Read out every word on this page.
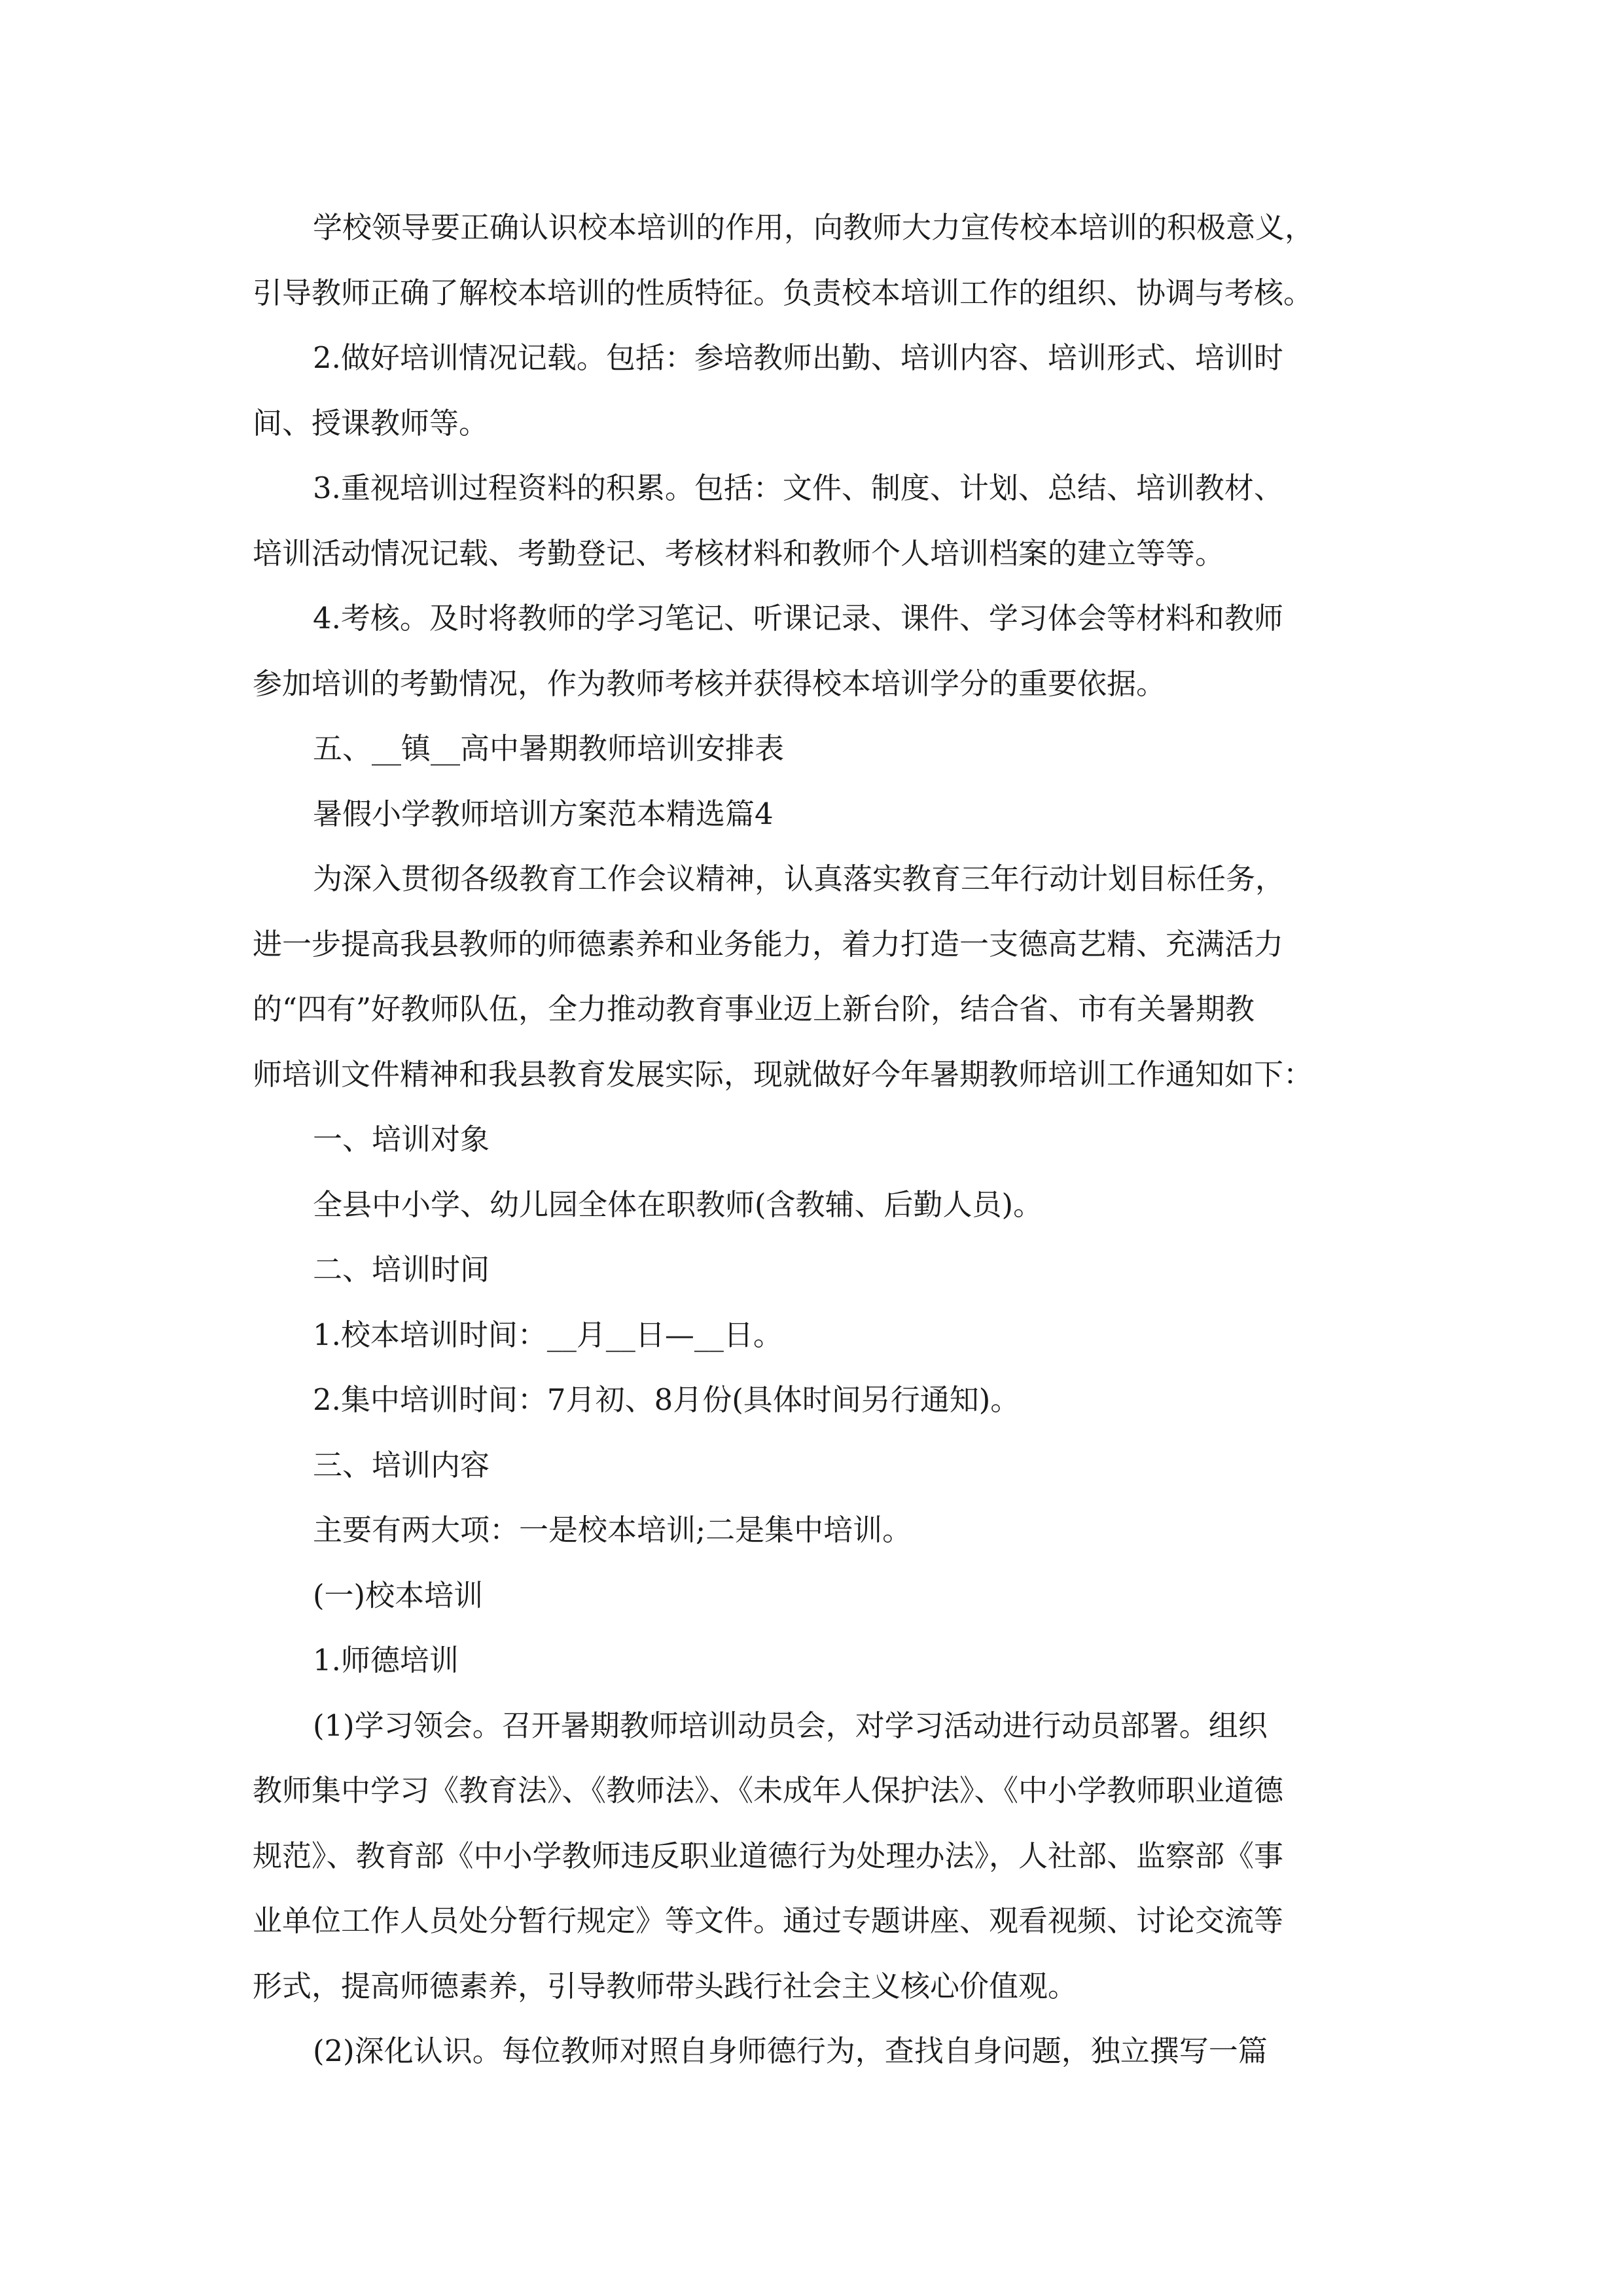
学校领导要正确认识校本培训的作用，向教师大力宣传校本培训的积极意义，

引导教师正确了解校本培训的性质特征。负责校本培训工作的组织、协调与考核。

2.做好培训情况记载。包括：参培教师出勤、培训内容、培训形式、培训时

间、授课教师等。

3.重视培训过程资料的积累。包括：文件、制度、计划、总结、培训教材、

培训活动情况记载、考勤登记、考核材料和教师个人培训档案的建立等等。

4.考核。及时将教师的学习笔记、听课记录、课件、学习体会等材料和教师

参加培训的考勤情况，作为教师考核并获得校本培训学分的重要依据。

五、__镇__高中暑期教师培训安排表

暑假小学教师培训方案范本精选篇4

为深入贯彻各级教育工作会议精神，认真落实教育三年行动计划目标任务，

进一步提高我县教师的师德素养和业务能力，着力打造一支德高艺精、充满活力

的“四有”好教师队伍，全力推动教育事业迈上新台阶，结合省、市有关暑期教

师培训文件精神和我县教育发展实际，现就做好今年暑期教师培训工作通知如下：

一、培训对象

全县中小学、幼儿园全体在职教师(含教辅、后勤人员)。

二、培训时间

1.校本培训时间：__月__日—__日。

2.集中培训时间：7月初、8月份(具体时间另行通知)。

三、培训内容

主要有两大项：一是校本培训;二是集中培训。

(一)校本培训

1.师德培训

(1)学习领会。召开暑期教师培训动员会，对学习活动进行动员部署。组织

教师集中学习《教育法》、《教师法》、《未成年人保护法》、《中小学教师职业道德

规范》、教育部《中小学教师违反职业道德行为处理办法》，人社部、监察部《事

业单位工作人员处分暂行规定》等文件。通过专题讲座、观看视频、讨论交流等

形式，提高师德素养，引导教师带头践行社会主义核心价值观。

(2)深化认识。每位教师对照自身师德行为，查找自身问题，独立撰写一篇
